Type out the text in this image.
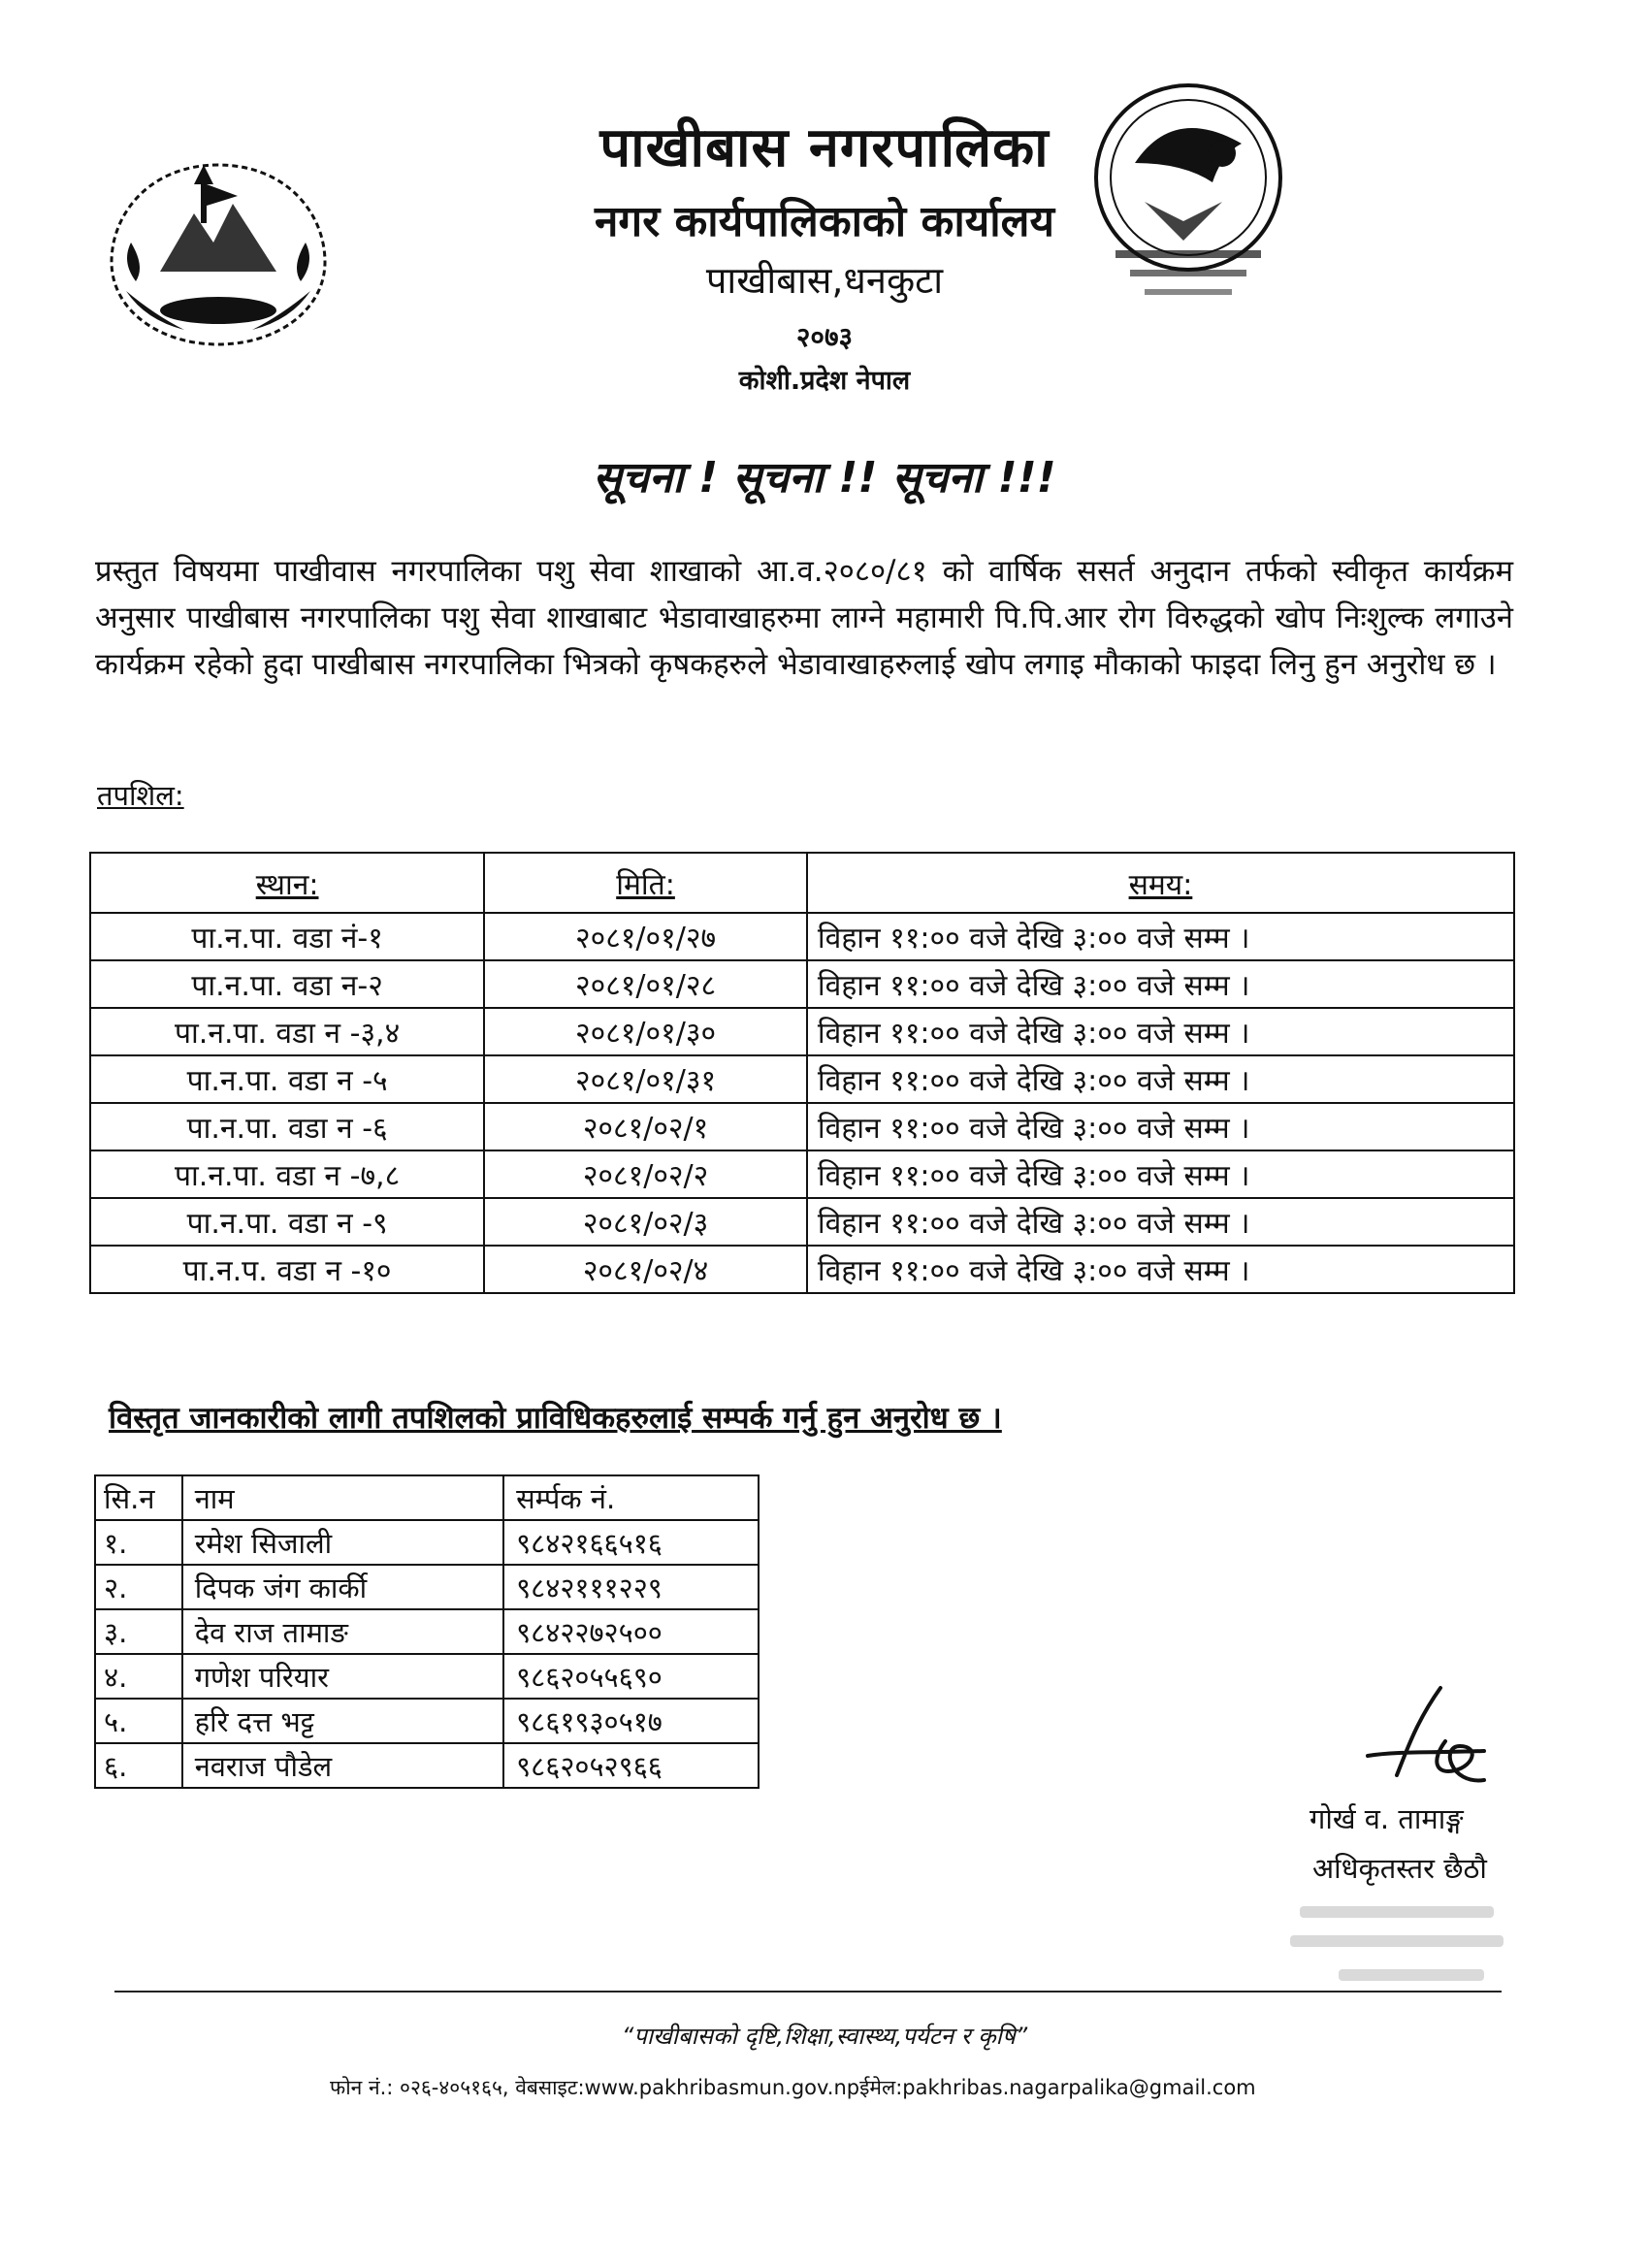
पाखीबास नगरपालिका
नगर कार्यपालिकाको कार्यालय
पाखीबास,धनकुटा
२०७३
कोशी.प्रदेश नेपाल
सूचना ! सूचना !! सूचना !!!
प्रस्तुत विषयमा पाखीवास नगरपालिका पशु सेवा शाखाको आ.व.२०८०/८१ को वार्षिक ससर्त अनुदान तर्फको स्वीकृत कार्यक्रम अनुसार पाखीबास नगरपालिका पशु सेवा शाखाबाट भेडावाखाहरुमा लाग्ने महामारी पि.पि.आर रोग विरुद्धको खोप निःशुल्क लगाउने कार्यक्रम रहेको हुदा पाखीबास नगरपालिका भित्रको कृषकहरुले भेडावाखाहरुलाई खोप लगाइ मौकाको फाइदा लिनु हुन अनुरोध छ ।
तपशिल:
स्थान:	मिति:	समय:
पा.न.पा. वडा नं-१	२०८१/०१/२७	विहान ११:०० वजे देखि ३:०० वजे सम्म ।
पा.न.पा. वडा न-२	२०८१/०१/२८	विहान ११:०० वजे देखि ३:०० वजे सम्म ।
पा.न.पा. वडा न -३,४	२०८१/०१/३०	विहान ११:०० वजे देखि ३:०० वजे सम्म ।
पा.न.पा. वडा न -५	२०८१/०१/३१	विहान ११:०० वजे देखि ३:०० वजे सम्म ।
पा.न.पा. वडा न -६	२०८१/०२/१	विहान ११:०० वजे देखि ३:०० वजे सम्म ।
पा.न.पा. वडा न -७,८	२०८१/०२/२	विहान ११:०० वजे देखि ३:०० वजे सम्म ।
पा.न.पा. वडा न -९	२०८१/०२/३	विहान ११:०० वजे देखि ३:०० वजे सम्म ।
पा.न.प. वडा न -१०	२०८१/०२/४	विहान ११:०० वजे देखि ३:०० वजे सम्म ।
विस्तृत जानकारीको लागी तपशिलको प्राविधिकहरुलाई सम्पर्क गर्नु हुन अनुरोध छ ।
सि.न	नाम	सर्म्पक नं.
१.	रमेश सिजाली	९८४२१६६५१६
२.	दिपक जंग कार्की	९८४२१११२२९
३.	देव राज तामाङ	९८४२२७२५००
४.	गणेश परियार	९८६२०५५६९०
५.	हरि दत्त भट्ट	९८६१९३०५१७
६.	नवराज पौडेल	९८६२०५२९६६
गोर्ख व. तामाङ्ग
अधिकृतस्तर छैठौ
“पाखीबासको दृष्टि,शिक्षा,स्वास्थ्य,पर्यटन र कृषि”
फोन नं.: ०२६-४०५१६५, वेबसाइट:www.pakhribasmun.gov.npईमेल:pakhribas.nagarpalika@gmail.com
